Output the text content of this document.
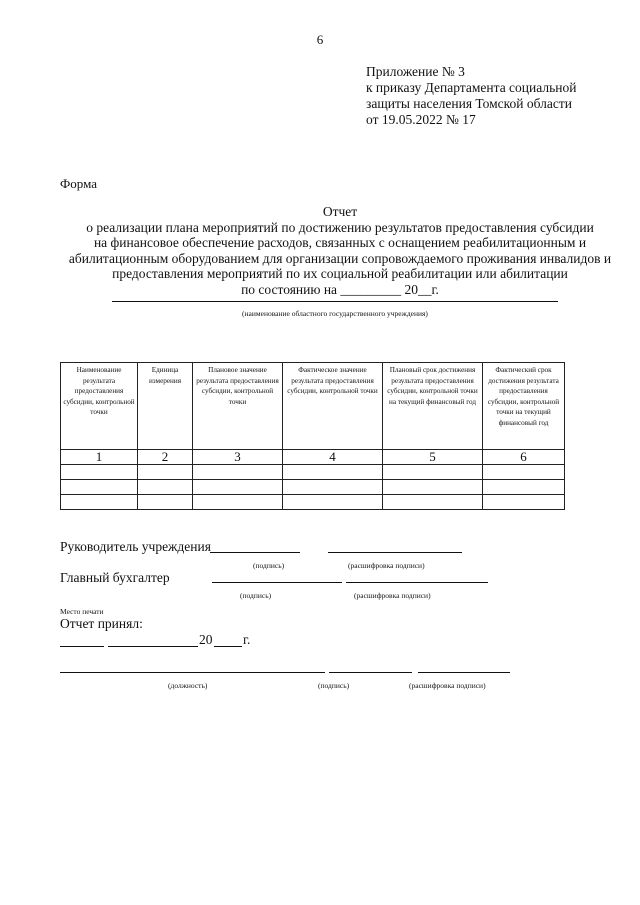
6
Приложение № 3
к приказу Департамента социальной
защиты населения Томской области
от 19.05.2022 № 17
Форма
Отчет
о реализации плана мероприятий по достижению результатов предоставления субсидии
на финансовое обеспечение расходов, связанных с оснащением реабилитационным и
абилитационным оборудованием для организации сопровождаемого проживания инвалидов и
предоставления мероприятий по их социальной реабилитации или абилитации
по состоянию на _________ 20__г.
(наименование областного государственного учреждения)
Наименование результата предоставления субсидии, контрольной точки	Единица измерения	Плановое значение результата предоставления субсидии, контрольной точки	Фактическое значение результата предоставления субсидии, контрольной точки	Плановый срок достижения результата предоставления субсидии, контрольной точки на текущий финансовый год	Фактический срок достижения результата предоставления субсидии, контрольной точки на текущий финансовый год
1	2	3	4	5	6

Руководитель учреждения
(подпись)	(расшифровка подписи)
Главный бухгалтер
(подпись)	(расшифровка подписи)
Место печати
Отчет принял:
20 г.
(должность)	(подпись)	(расшифровка подписи)
